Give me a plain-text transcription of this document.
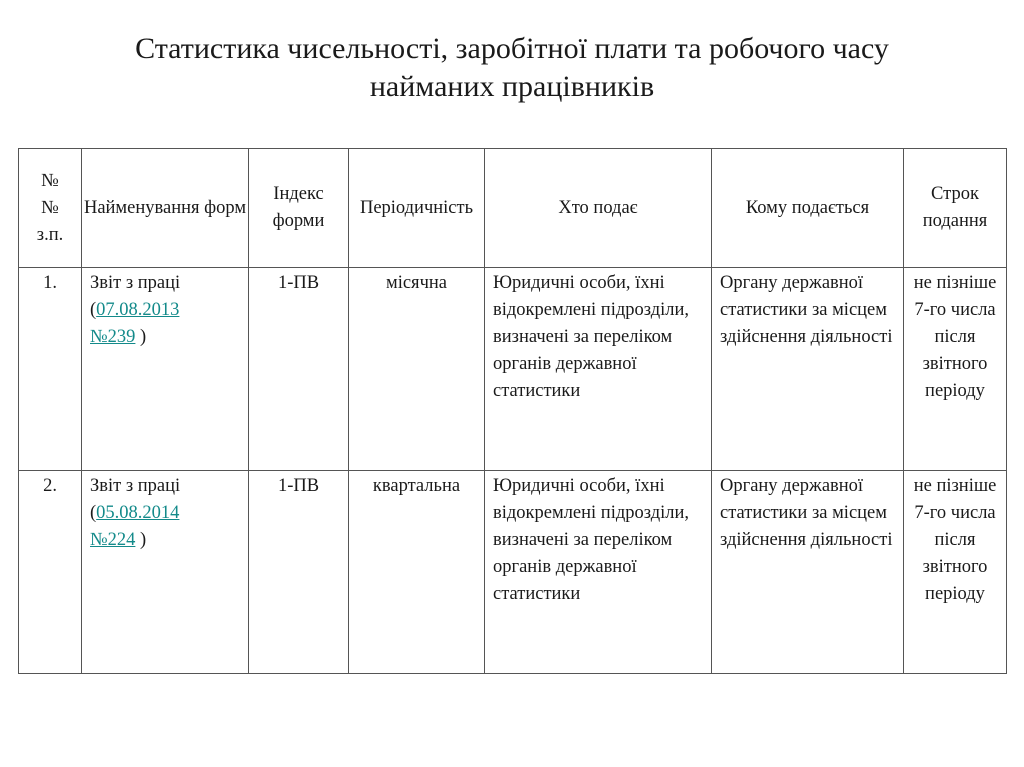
Статистика чисельності, заробітної плати та робочого часу
найманих працівників
№
№
з.п.	Найменування форм	Індекс форми	Періодичність	Хто подає	Кому подається	Строк подання
1.	Звіт з праці
(07.08.2013
№239 )	1-ПВ	місячна	Юридичні особи, їхні відокремлені підрозділи, визначені за переліком органів державної статистики	Органу державної статистики за місцем здійснення діяльності	не пізніше 7-го числа після звітного періоду
2.	Звіт з праці
(05.08.2014
№224 )	1-ПВ	квартальна	Юридичні особи, їхні відокремлені підрозділи, визначені за переліком органів державної статистики	Органу державної статистики за місцем здійснення діяльності	не пізніше 7-го числа після звітного періоду
